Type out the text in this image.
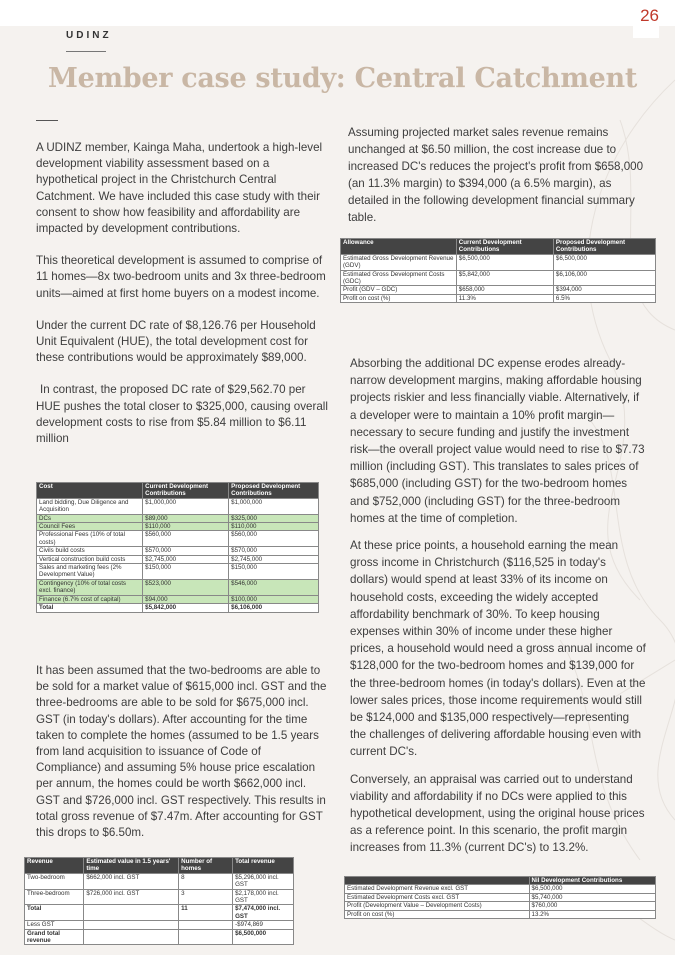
26
UDINZ
Member case study: Central Catchment

A UDINZ member, Kainga Maha, undertook a high-level development viability assessment based on a hypothetical project in the Christchurch Central Catchment. We have included this case study with their consent to show how feasibility and affordability are impacted by development contributions.

This theoretical development is assumed to comprise of 11 homes—8x two-bedroom units and 3x three-bedroom units—aimed at first home buyers on a modest income.

Under the current DC rate of $8,126.76 per Household Unit Equivalent (HUE), the total development cost for these contributions would be approximately $89,000.

In contrast, the proposed DC rate of $29,562.70 per HUE pushes the total closer to $325,000, causing overall development costs to rise from $5.84 million to $6.11 million

Cost	Current Development Contributions	Proposed Development Contributions
Land bidding, Due Diligence and Acquisition	$1,000,000	$1,000,000
DCs	$89,000	$325,000
Council Fees	$110,000	$110,000
Professional Fees (10% of total costs)	$560,000	$560,000
Civils build costs	$570,000	$570,000
Vertical construction build costs	$2,745,000	$2,745,000
Sales and marketing fees (2% Development Value)	$150,000	$150,000
Contingency (10% of total costs excl. finance)	$523,000	$546,000
Finance (6.7% cost of capital)	$94,000	$100,000
Total	$5,842,000	$6,106,000

It has been assumed that the two-bedrooms are able to be sold for a market value of $615,000 incl. GST and the three-bedrooms are able to be sold for $675,000 incl. GST (in today's dollars). After accounting for the time taken to complete the homes (assumed to be 1.5 years from land acquisition to issuance of Code of Compliance) and assuming 5% house price escalation per annum, the homes could be worth $662,000 incl. GST and $726,000 incl. GST respectively. This results in total gross revenue of $7.47m. After accounting for GST this drops to $6.50m.

Revenue	Estimated value in 1.5 years' time	Number of homes	Total revenue
Two-bedroom	$662,000 incl. GST	8	$5,296,000 incl. GST
Three-bedroom	$726,000 incl. GST	3	$2,178,000 incl. GST
Total		11	$7,474,000 incl. GST
Less GST			-$974,869
Grand total revenue			$6,500,000

Assuming projected market sales revenue remains unchanged at $6.50 million, the cost increase due to increased DC's reduces the project's profit from $658,000 (an 11.3% margin) to $394,000 (a 6.5% margin), as detailed in the following development financial summary table.

Allowance	Current Development Contributions	Proposed Development Contributions
Estimated Gross Development Revenue (GDV)	$6,500,000	$6,500,000
Estimated Gross Development Costs (GDC)	$5,842,000	$6,106,000
Profit (GDV – GDC)	$658,000	$394,000
Profit on cost (%)	11.3%	6.5%

Absorbing the additional DC expense erodes already-narrow development margins, making affordable housing projects riskier and less financially viable. Alternatively, if a developer were to maintain a 10% profit margin—necessary to secure funding and justify the investment risk—the overall project value would need to rise to $7.73 million (including GST). This translates to sales prices of $685,000 (including GST) for the two-bedroom homes and $752,000 (including GST) for the three-bedroom homes at the time of completion.

At these price points, a household earning the mean gross income in Christchurch ($116,525 in today's dollars) would spend at least 33% of its income on household costs, exceeding the widely accepted affordability benchmark of 30%. To keep housing expenses within 30% of income under these higher prices, a household would need a gross annual income of $128,000 for the two-bedroom homes and $139,000 for the three-bedroom homes (in today's dollars). Even at the lower sales prices, those income requirements would still be $124,000 and $135,000 respectively—representing the challenges of delivering affordable housing even with current DC's.

Conversely, an appraisal was carried out to understand viability and affordability if no DCs were applied to this hypothetical development, using the original house prices as a reference point. In this scenario, the profit margin increases from 11.3% (current DC's) to 13.2%.

	Nil Development Contributions
Estimated Development Revenue excl. GST	$6,500,000
Estimated Development Costs excl. GST	$5,740,000
Profit (Development Value – Development Costs)	$760,000
Profit on cost (%)	13.2%
